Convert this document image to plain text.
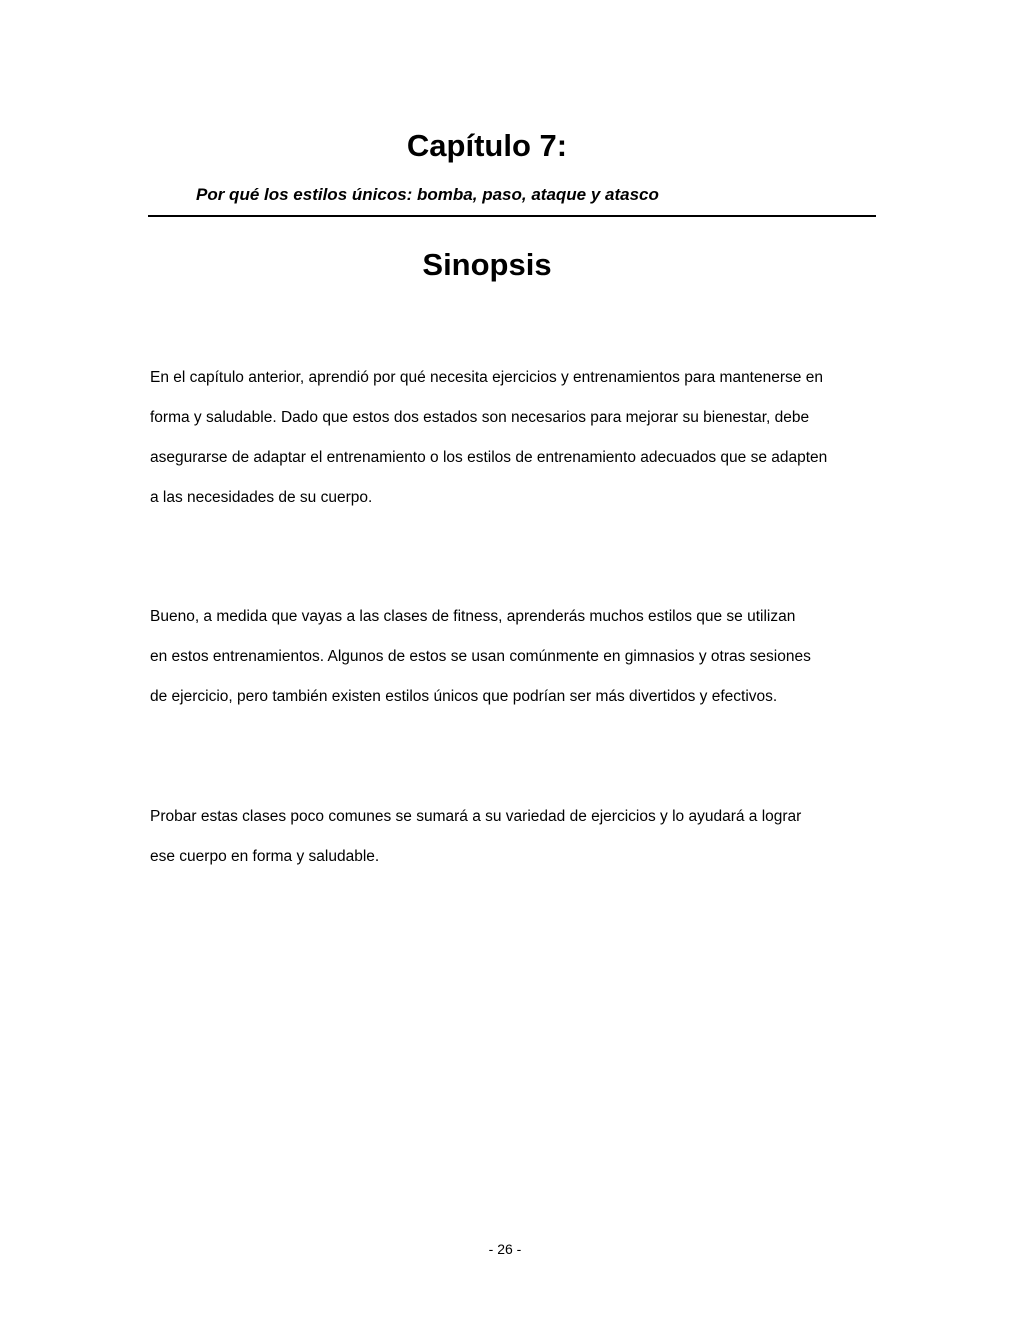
Capítulo 7:

Por qué los estilos únicos: bomba, paso, ataque y atasco

Sinopsis

En el capítulo anterior, aprendió por qué necesita ejercicios y entrenamientos para mantenerse en
forma y saludable. Dado que estos dos estados son necesarios para mejorar su bienestar, debe
asegurarse de adaptar el entrenamiento o los estilos de entrenamiento adecuados que se adapten
a las necesidades de su cuerpo.

Bueno, a medida que vayas a las clases de fitness, aprenderás muchos estilos que se utilizan
en estos entrenamientos. Algunos de estos se usan comúnmente en gimnasios y otras sesiones
de ejercicio, pero también existen estilos únicos que podrían ser más divertidos y efectivos.

Probar estas clases poco comunes se sumará a su variedad de ejercicios y lo ayudará a lograr
ese cuerpo en forma y saludable.

- 26 -
